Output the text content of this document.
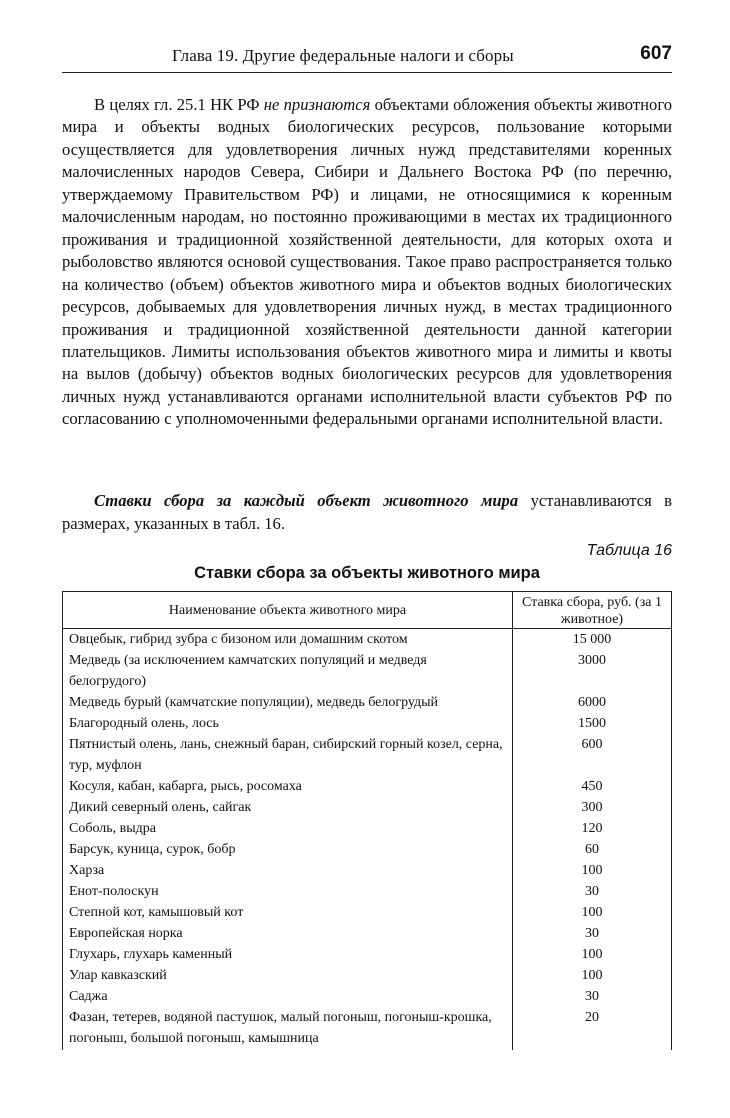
Глава 19. Другие федеральные налоги и сборы	607

В целях гл. 25.1 НК РФ не признаются объектами обложения объекты животного мира и объекты водных биологических ресурсов, пользование которыми осуществляется для удовлетворения личных нужд представителями коренных малочисленных народов Севера, Сибири и Дальнего Востока РФ (по перечню, утверждаемому Правительством РФ) и лицами, не относящимися к коренным малочисленным народам, но постоянно проживающими в местах их традиционного проживания и традиционной хозяйственной деятельности, для которых охота и рыболовство являются основой существования. Такое право распространяется только на количество (объем) объектов животного мира и объектов водных биологических ресурсов, добываемых для удовлетворения личных нужд, в местах традиционного проживания и традиционной хозяйственной деятельности данной категории плательщиков. Лимиты использования объектов животного мира и лимиты и квоты на вылов (добычу) объектов водных биологических ресурсов для удовлетворения личных нужд устанавливаются органами исполнительной власти субъектов РФ по согласованию с уполномоченными федеральными органами исполнительной власти.

Ставки сбора за каждый объект животного мира устанавливаются в размерах, указанных в табл. 16.

Таблица 16
Ставки сбора за объекты животного мира
Наименование объекта животного мира	Ставка сбора, руб. (за 1 животное)
Овцебык, гибрид зубра с бизоном или домашним скотом	15 000
Медведь (за исключением камчатских популяций и медведя белогрудого)	3000
Медведь бурый (камчатские популяции), медведь белогрудый	6000
Благородный олень, лось	1500
Пятнистый олень, лань, снежный баран, сибирский горный козел, серна, тур, муфлон	600
Косуля, кабан, кабарга, рысь, росомаха	450
Дикий северный олень, сайгак	300
Соболь, выдра	120
Барсук, куница, сурок, бобр	60
Харза	100
Енот-полоскун	30
Степной кот, камышовый кот	100
Европейская норка	30
Глухарь, глухарь каменный	100
Улар кавказский	100
Саджа	30
Фазан, тетерев, водяной пастушок, малый погоныш, погоныш-крошка, погоныш, большой погоныш, камышница	20
